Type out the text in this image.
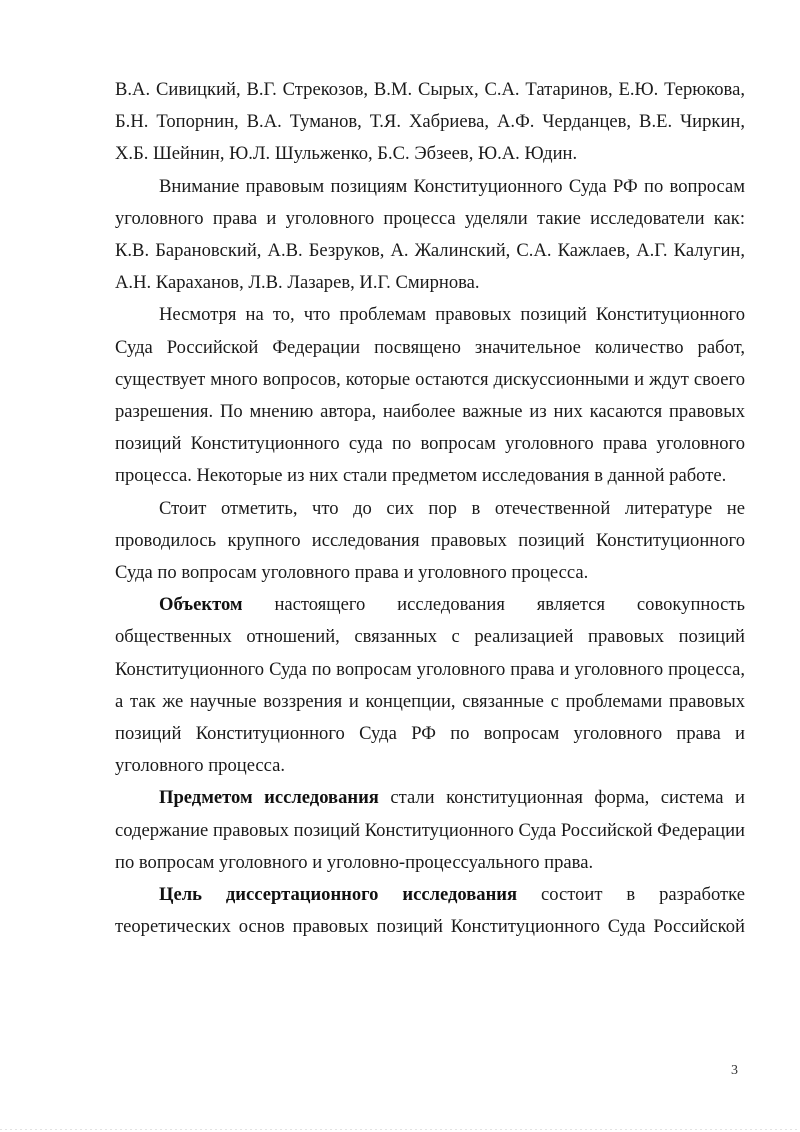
В.А. Сивицкий, В.Г. Стрекозов, В.М. Сырых, С.А. Татаринов, Е.Ю. Терюкова, Б.Н. Топорнин, В.А. Туманов, Т.Я. Хабриева, А.Ф. Черданцев, В.Е. Чиркин, Х.Б. Шейнин, Ю.Л. Шульженко, Б.С. Эбзеев, Ю.А. Юдин.

Внимание правовым позициям Конституционного Суда РФ по вопросам уголовного права и уголовного процесса уделяли такие исследователи как: К.В. Барановский, А.В. Безруков, А. Жалинский, С.А. Кажлаев, А.Г. Калугин, А.Н. Караханов, Л.В. Лазарев, И.Г. Смирнова.

Несмотря на то, что проблемам правовых позиций Конституционного Суда Российской Федерации посвящено значительное количество работ, существует много вопросов, которые остаются дискуссионными и ждут своего разрешения. По мнению автора, наиболее важные из них касаются правовых позиций Конституционного суда по вопросам уголовного права уголовного процесса. Некоторые из них стали предметом исследования в данной работе.

Стоит отметить, что до сих пор в отечественной литературе не проводилось крупного исследования правовых позиций Конституционного Суда по вопросам уголовного права и уголовного процесса.

Объектом настоящего исследования является совокупность общественных отношений, связанных с реализацией правовых позиций Конституционного Суда по вопросам уголовного права и уголовного процесса, а так же научные воззрения и концепции, связанные с проблемами правовых позиций Конституционного Суда РФ по вопросам уголовного права и уголовного процесса.

Предметом исследования стали конституционная форма, система и содержание правовых позиций Конституционного Суда Российской Федерации по вопросам уголовного и уголовно-процессуального права.

Цель диссертационного исследования состоит в разработке теоретических основ правовых позиций Конституционного Суда Российской

3
